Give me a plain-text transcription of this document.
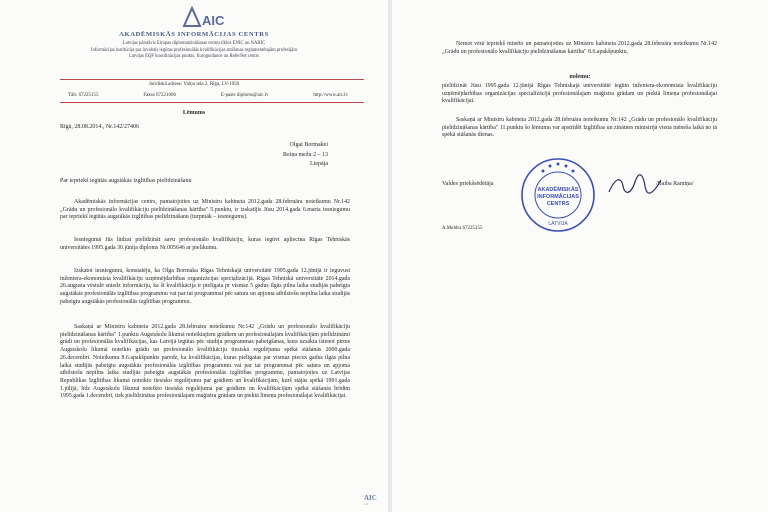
AIC
AKADĒMISKĀS INFORMĀCIJAS CENTRS
Latvijas pārstāvis Eiropas diplomatzināšanas centru tīklos ENIC un NARIC
Informācijas institūcija par ārvalstīs iegūtas profesionālās kvalifikācijas atzīšanas reglamentētajām profesijām
Latvijas EQF koordinācijas punkts, Euroguidance un ReferNet centrs
Juridiskā adrese: Valņu iela 2, Rīga, LV-1050
Tālr. 67225155	Fakss 67221006	E-pasts diploms@aic.lv	http://www.aic.lv
Lēmums
Rīgā, 28.08.2014., Nr.142/27406
Olgai Bormakei
Reiņa mežu 2 – 13
Liepāja
Par iepriekš iegūtās augstākās izglītības pielīdzināšanu
Akadēmiskās informācijas centrs, pamatojoties uz Ministru kabineta 2012.gada 28.februāra noteikumu Nr.142 „Grādu un profesionālo kvalifikāciju pielīdzināšanas kārtība" 5.punktu, ir izskatījis Jūsu 2014.gada 6.marta iesniegumu par iepriekš iegūtās augstākās izglītības pielīdzināšanu (turpmāk – iesniegums).
Iesniegumā Jūs lūdzat pielīdzināt savu profesionālo kvalifikāciju, kuras iegūvi apliecina Rīgas Tehniskās universitātes 1995.gada 30.jūnija diploms Nr.005646 ar pielikumu.
Izskatot iesniegumu, konstatēju, ka Olga Bormaka Rīgas Tehniskajā universitātē 1995.gada 12.jūnijā ir ieguvusi inženiera-ekonomista kvalifikāciju uzņēmējdarbības organizācijas specializācijā. Rīgas Tehniskā universitāte 2014.gada 26.augusta vēstulē sniedz informāciju, ka šī kvalifikācija ir pielīgata pr vismaz 5 gadus ilgās pilna laika studijās pabeigta augstākās profesionālās izglītības programmu vai par tai programmai pēc satura un apjoma atbilstošu nepilna laika studijās pabeigtu augstākās profesionālās izglītības programmu.
Saskaņā ar Ministru kabineta 2012.gada 28.februāra noteikumu Nr.142 „Grādu un profesionālo kvalifikāciju pielīdzināšanas kārtība" 1.punktu Augstskolu likumā noteiktajiem grādiem un profesionālajām kvalifikācijām pielīdzināmi grādi un profesionālās kvalifikācijas, kas Latvijā iegūtas pēc studiju programmas pabeigšanas, kura uzsākta īstenot pirms Augstskolu likumā noteikto grādu un profesionālo kvalifikāciju tiesiskā regulējuma spēkā stāšanās 2000.gada 26.decembrī. Noteikumu 8.6.apakšpunkts paredz, ka kvalifikācijas, kuras pielīgatas par vismaz piecus gadus ilgās pilna laika studijās pabeigtu augstākās profesionālās izglītības programmu vai par tai programmai pēc satura un apjoma atbilstošu nepilna laika studijās pabeigtu augstākās profesionālās izglītības programmu, pamatojoties uz Latvijas Republikas Izglītības likumā noteikto tiesisko regulējumu par grādiem un kvalifikācijām, kurš stājās spēkā 1991.gada 1.jūlijā, līdz Augstskolu likumā noteikto tiesiskā regulējuma par grādiem un kvalifikācijām spēkā stāšanās brīdim 1995.gada 1.decembrī, tiek pielīdzinātas profesionālajam maģistra grādam un piektā līmeņa profesionālajai kvalifikācijai.
AIC
1/2
Ņemot vērā iepriekš minēto un pamatojoties uz Ministru kabineta 2012.gada 28.februāra noteikumu Nr.142 „Grādu un profesionālo kvalifikāciju pielīdzināšanas kārtība" 8.6.apakšpunktu,
nolemu:
pielīdzināt Jūsu 1995.gada 12.jūnijā Rīgas Tehniskajā universitātē iegūto inženiera-ekonomista kvalifikāciju uzņēmējdarbības organizācijas specializācijā profesionālajam maģistra grādam un piektā līmeņa profesionālajai kvalifikācijai.
Saskaņā ar Ministru kabineta 2012.gada 28.februāra noteikumu Nr.142 „Grādu un profesionālo kvalifikāciju pielīdzināšanas kārtība" 11.punktu šo lēmumu var apstrīdēt Izglītības un zinātnes ministrijā viena mēneša laikā no tā spēkā stāšanās dienas.
AKADĒMISKĀS
INFORMĀCIJAS
CENTRS
LATVIJA
Valdes priekšsēdētāja	/Baiba Ramiņa/
A.Meldra 67225155
